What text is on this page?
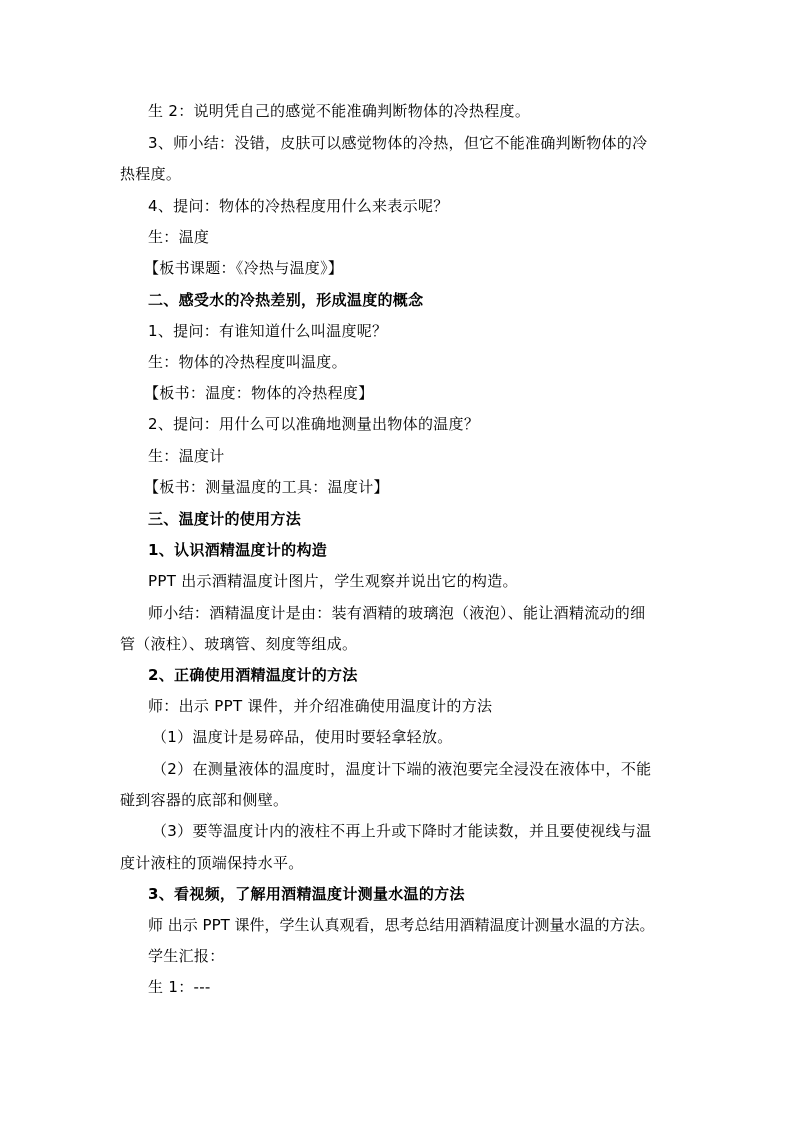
生 2：说明凭自己的感觉不能准确判断物体的冷热程度。
3、师小结：没错，皮肤可以感觉物体的冷热，但它不能准确判断物体的冷
热程度。
4、提问：物体的冷热程度用什么来表示呢？
生：温度
【板书课题：《冷热与温度》】
二、感受水的冷热差别，形成温度的概念
1、提问：有谁知道什么叫温度呢？
生：物体的冷热程度叫温度。
【板书：温度：物体的冷热程度】
2、提问：用什么可以准确地测量出物体的温度？
生：温度计
【板书：测量温度的工具：温度计】
三、温度计的使用方法
1、认识酒精温度计的构造
PPT 出示酒精温度计图片，学生观察并说出它的构造。
师小结：酒精温度计是由：装有酒精的玻璃泡（液泡）、能让酒精流动的细
管（液柱）、玻璃管、刻度等组成。
2、正确使用酒精温度计的方法
师：出示 PPT 课件，并介绍准确使用温度计的方法
（1）温度计是易碎品，使用时要轻拿轻放。
（2）在测量液体的温度时，温度计下端的液泡要完全浸没在液体中，不能
碰到容器的底部和侧壁。
（3）要等温度计内的液柱不再上升或下降时才能读数，并且要使视线与温
度计液柱的顶端保持水平。
3、看视频，了解用酒精温度计测量水温的方法
师 出示 PPT 课件，学生认真观看，思考总结用酒精温度计测量水温的方法。
学生汇报：
生 1：---
